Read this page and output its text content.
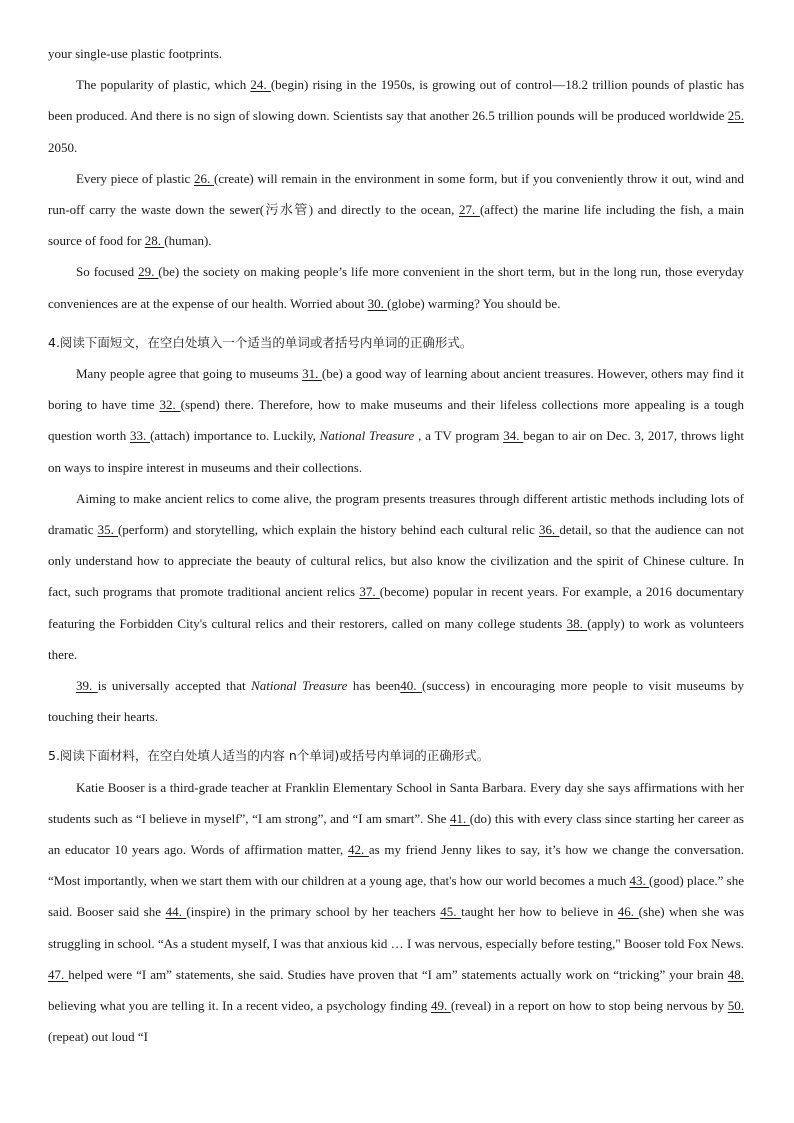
your single-use plastic footprints.

The popularity of plastic, which 24. (begin) rising in the 1950s, is growing out of control—18.2 trillion pounds of plastic has been produced. And there is no sign of slowing down. Scientists say that another 26.5 trillion pounds will be produced worldwide 25. 2050.

Every piece of plastic 26. (create) will remain in the environment in some form, but if you conveniently throw it out, wind and run-off carry the waste down the sewer(污水管) and directly to the ocean, 27. (affect) the marine life including the fish, a main source of food for 28. (human).

So focused 29. (be) the society on making people’s life more convenient in the short term, but in the long run, those everyday conveniences are at the expense of our health. Worried about 30. (globe) warming? You should be.

4.阅读下面短文，在空白处填入一个适当的单词或者括号内单词的正确形式。

Many people agree that going to museums 31. (be) a good way of learning about ancient treasures. However, others may find it boring to have time 32. (spend) there. Therefore, how to make museums and their lifeless collections more appealing is a tough question worth 33. (attach) importance to. Luckily, National Treasure , a TV program 34. began to air on Dec. 3, 2017, throws light on ways to inspire interest in museums and their collections.

Aiming to make ancient relics to come alive, the program presents treasures through different artistic methods including lots of dramatic 35. (perform) and storytelling, which explain the history behind each cultural relic 36. detail, so that the audience can not only understand how to appreciate the beauty of cultural relics, but also know the civilization and the spirit of Chinese culture. In fact, such programs that promote traditional ancient relics 37. (become) popular in recent years. For example, a 2016 documentary featuring the Forbidden City's cultural relics and their restorers, called on many college students 38. (apply) to work as volunteers there.

39. is universally accepted that National Treasure has been40. (success) in encouraging more people to visit museums by touching their hearts.

5.阅读下面材料，在空白处填人适当的内容 n个单词)或括号内单词的正确形式。

Katie Booser is a third-grade teacher at Franklin Elementary School in Santa Barbara. Every day she says affirmations with her students such as “I believe in myself”, “I am strong”, and “I am smart”. She 41. (do) this with every class since starting her career as an educator 10 years ago. Words of affirmation matter, 42. as my friend Jenny likes to say, it’s how we change the conversation. “Most importantly, when we start them with our children at a young age, that's how our world becomes a much 43. (good) place.” she said. Booser said she 44. (inspire) in the primary school by her teachers 45. taught her how to believe in 46. (she) when she was struggling in school. “As a student myself, I was that anxious kid … I was nervous, especially before testing," Booser told Fox News. 47. helped were “I am” statements, she said. Studies have proven that “I am” statements actually work on “tricking” your brain 48. believing what you are telling it. In a recent video, a psychology finding 49. (reveal) in a report on how to stop being nervous by 50. (repeat) out loud “I
